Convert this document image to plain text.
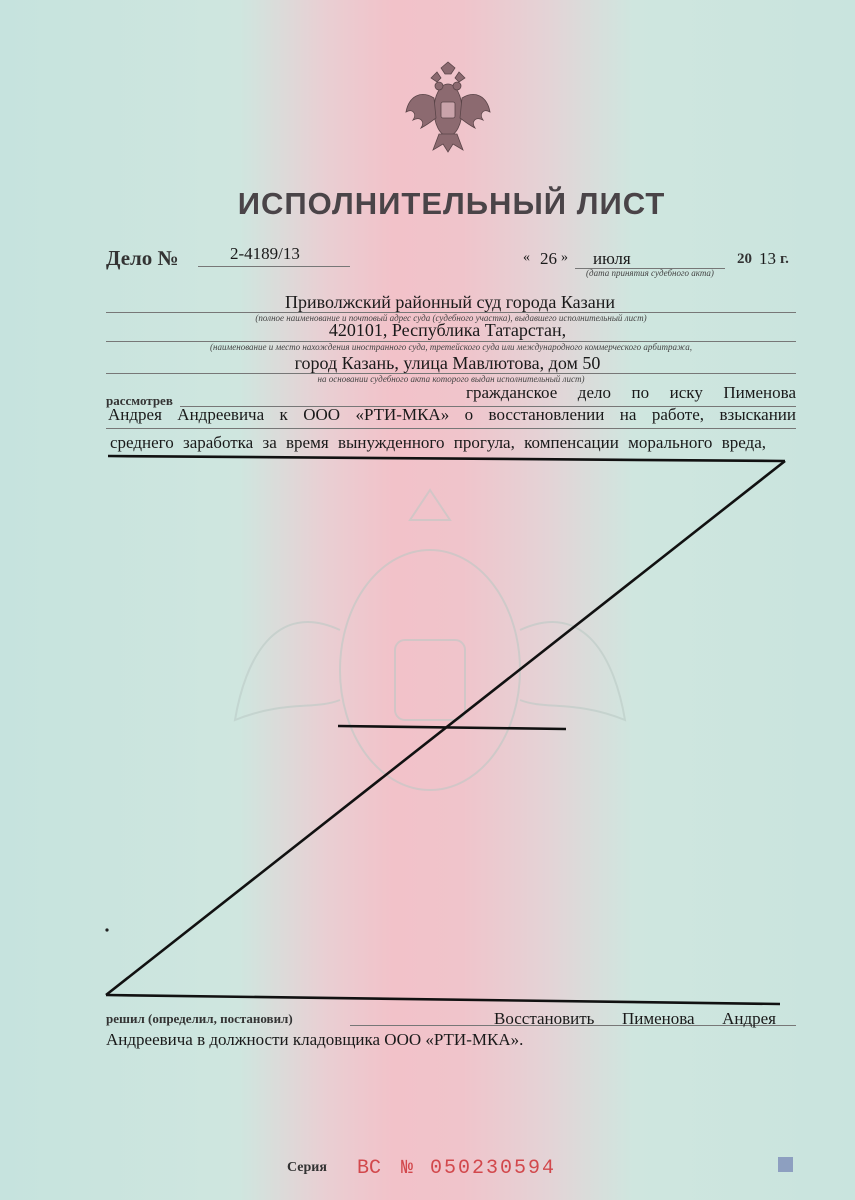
ИСПОЛНИТЕЛЬНЫЙ ЛИСТ
Дело №	2-4189/13	« 26 » июля	20 13 г.
(дата принятия судебного акта)
Приволжский районный суд города Казани
(полное наименование и почтовый адрес суда (судебного участка), выдавшего исполнительный лист)
420101, Республика Татарстан,
(наименование и место нахождения иностранного суда, третейского суда или международного коммерческого арбитража,
город Казань, улица Мавлютова, дом 50
на основании судебного акта которого выдан исполнительный лист)
рассмотрев	гражданское дело по иску Пименова
Андрея Андреевича к ООО «РТИ-МКА» о восстановлении на работе, взыскании
среднего заработка за время вынужденного прогула, компенсации морального вреда,
решил (определил, постановил)	Восстановить Пименова Андрея
Андреевича в должности кладовщика ООО «РТИ-МКА».
Серия ВС № 050230594
